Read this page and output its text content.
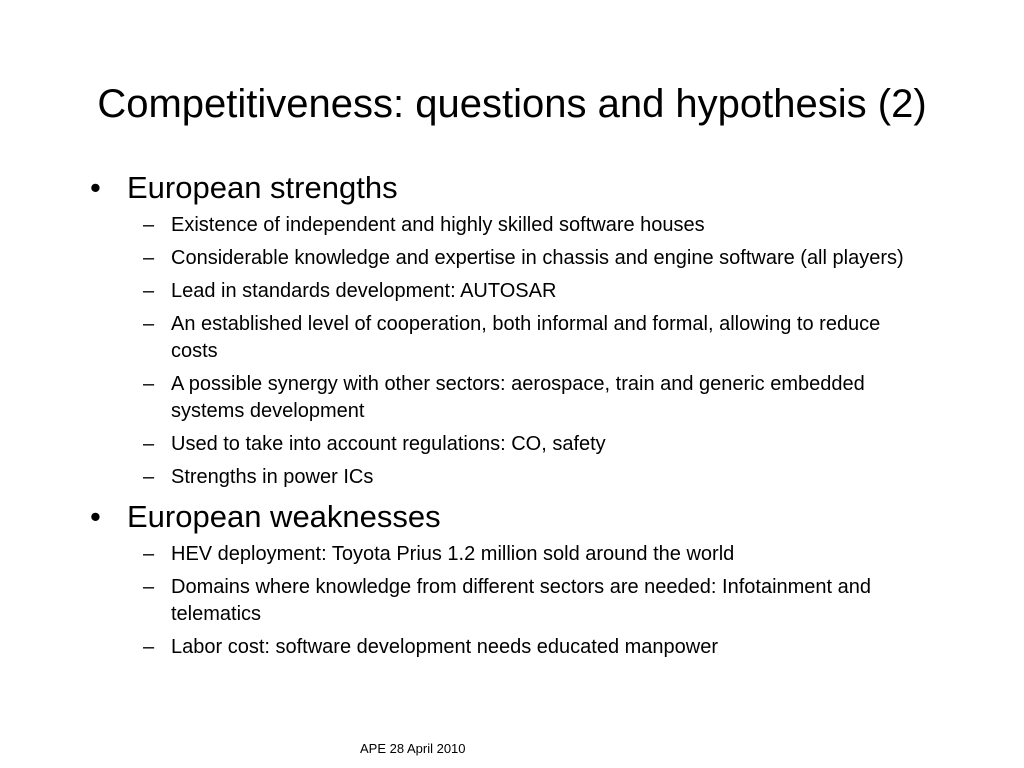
Competitiveness: questions and hypothesis (2)
• European strengths
– Existence of independent and highly skilled software houses
– Considerable knowledge and expertise in chassis and engine software (all players)
– Lead in standards development: AUTOSAR
– An established level of cooperation, both informal and formal, allowing to reduce costs
– A possible synergy with other sectors: aerospace, train and generic embedded systems development
– Used to take into account regulations: CO, safety
– Strengths in power ICs
• European weaknesses
– HEV deployment: Toyota Prius 1.2 million sold around the world
– Domains where knowledge from different sectors are needed: Infotainment and telematics
– Labor cost: software development needs educated manpower
APE 28 April 2010
